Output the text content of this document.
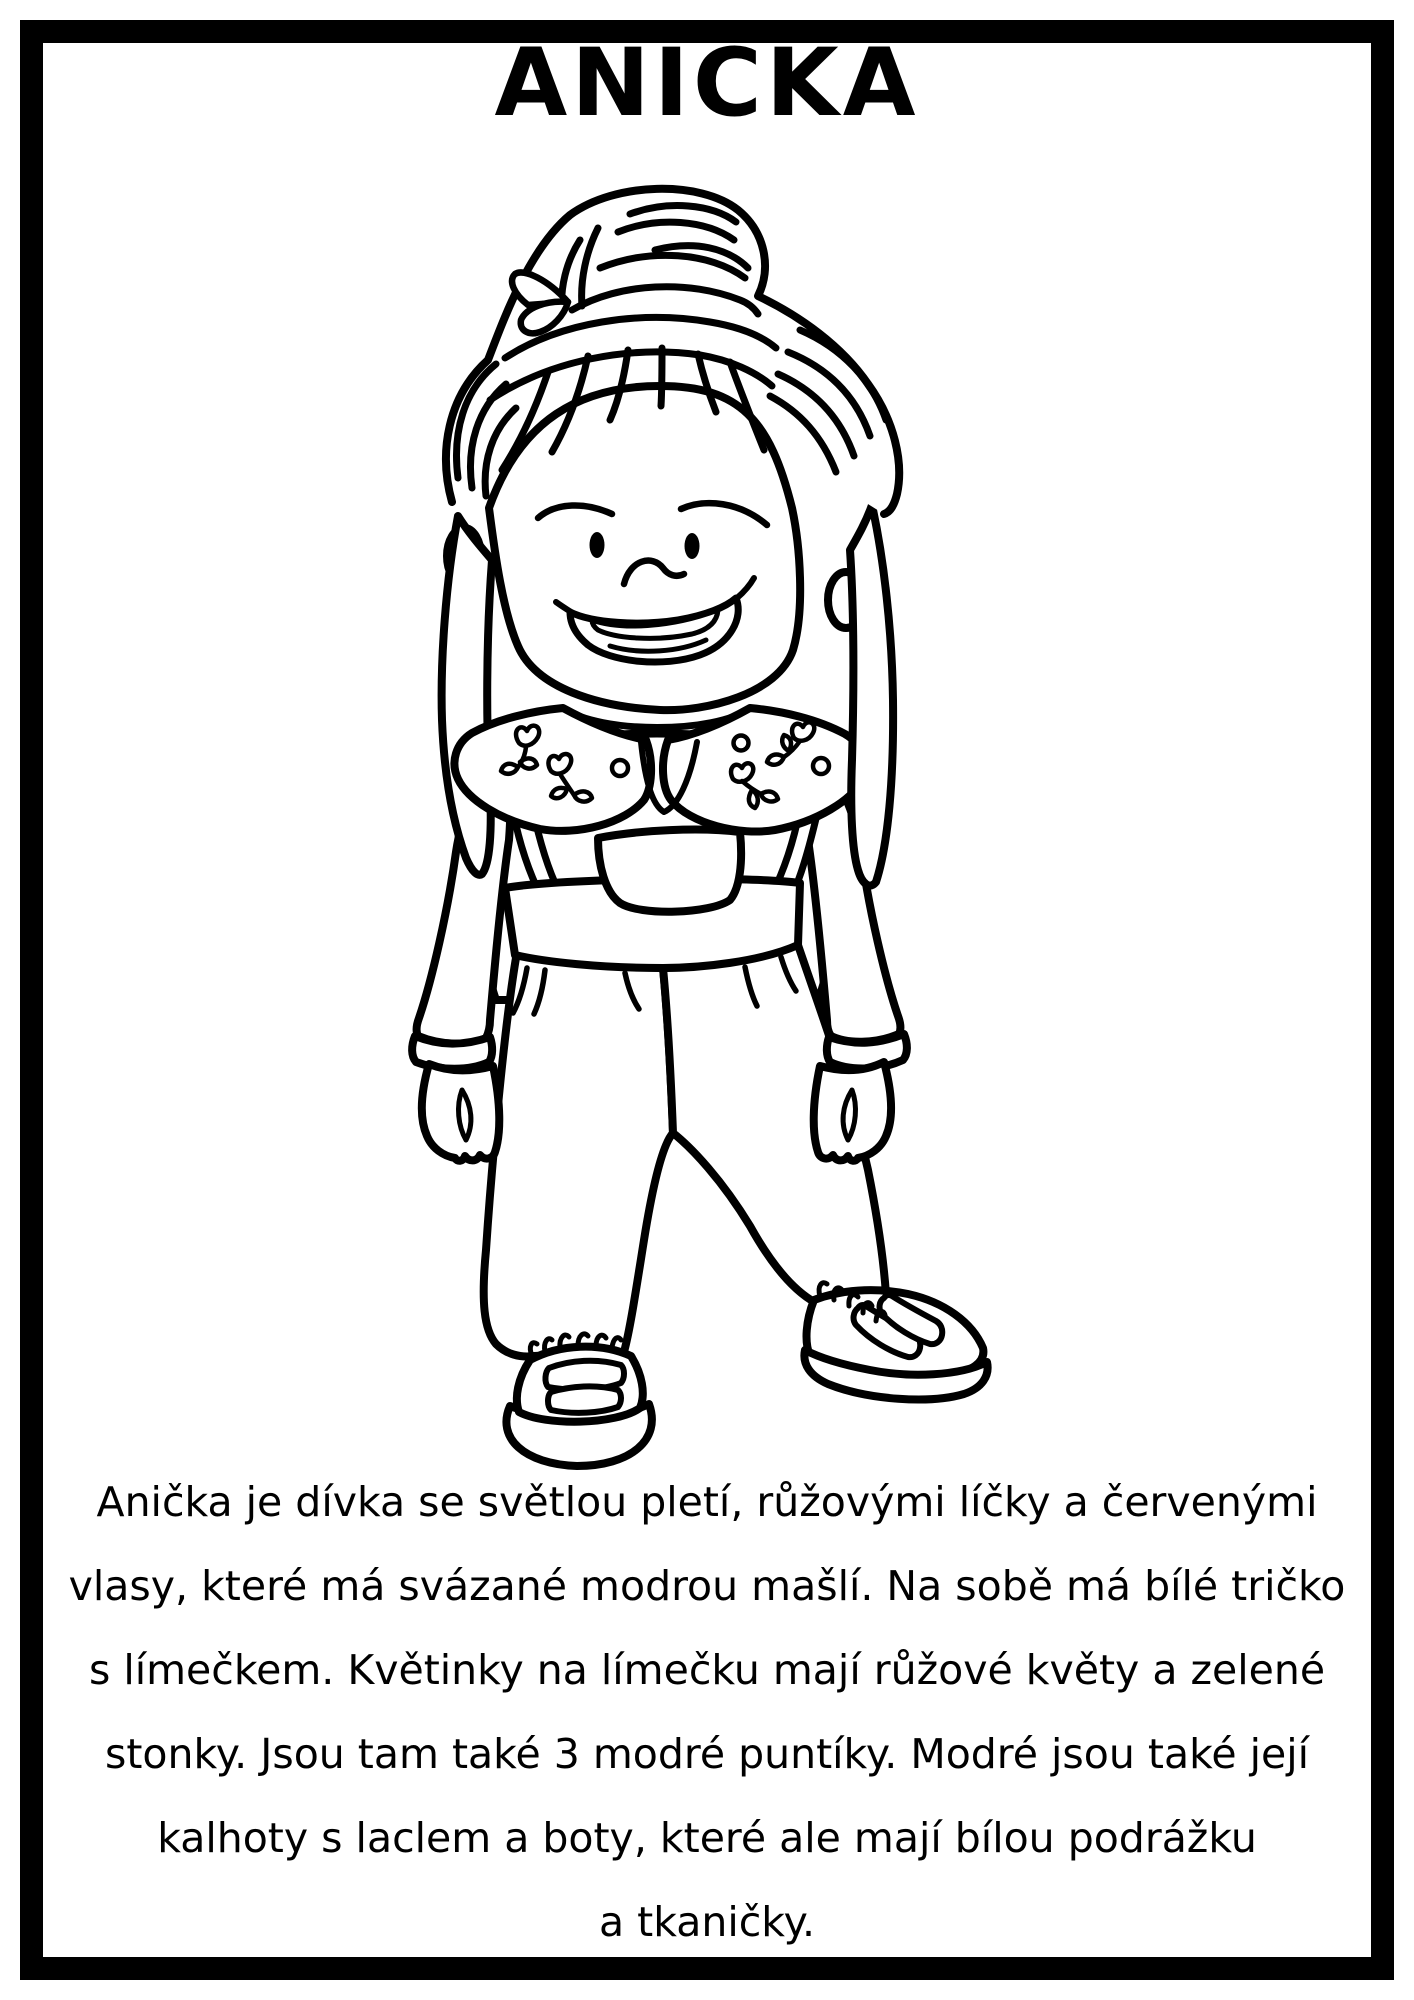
ANIČKA

Anička je dívka se světlou pletí, růžovými líčky a červenými

vlasy, které má svázané modrou mašlí. Na sobě má bílé tričko

s límečkem. Květinky na límečku mají růžové květy a zelené

stonky. Jsou tam také 3 modré puntíky. Modré jsou také její

kalhoty s laclem a boty, které ale mají bílou podrážku

a tkaničky.
